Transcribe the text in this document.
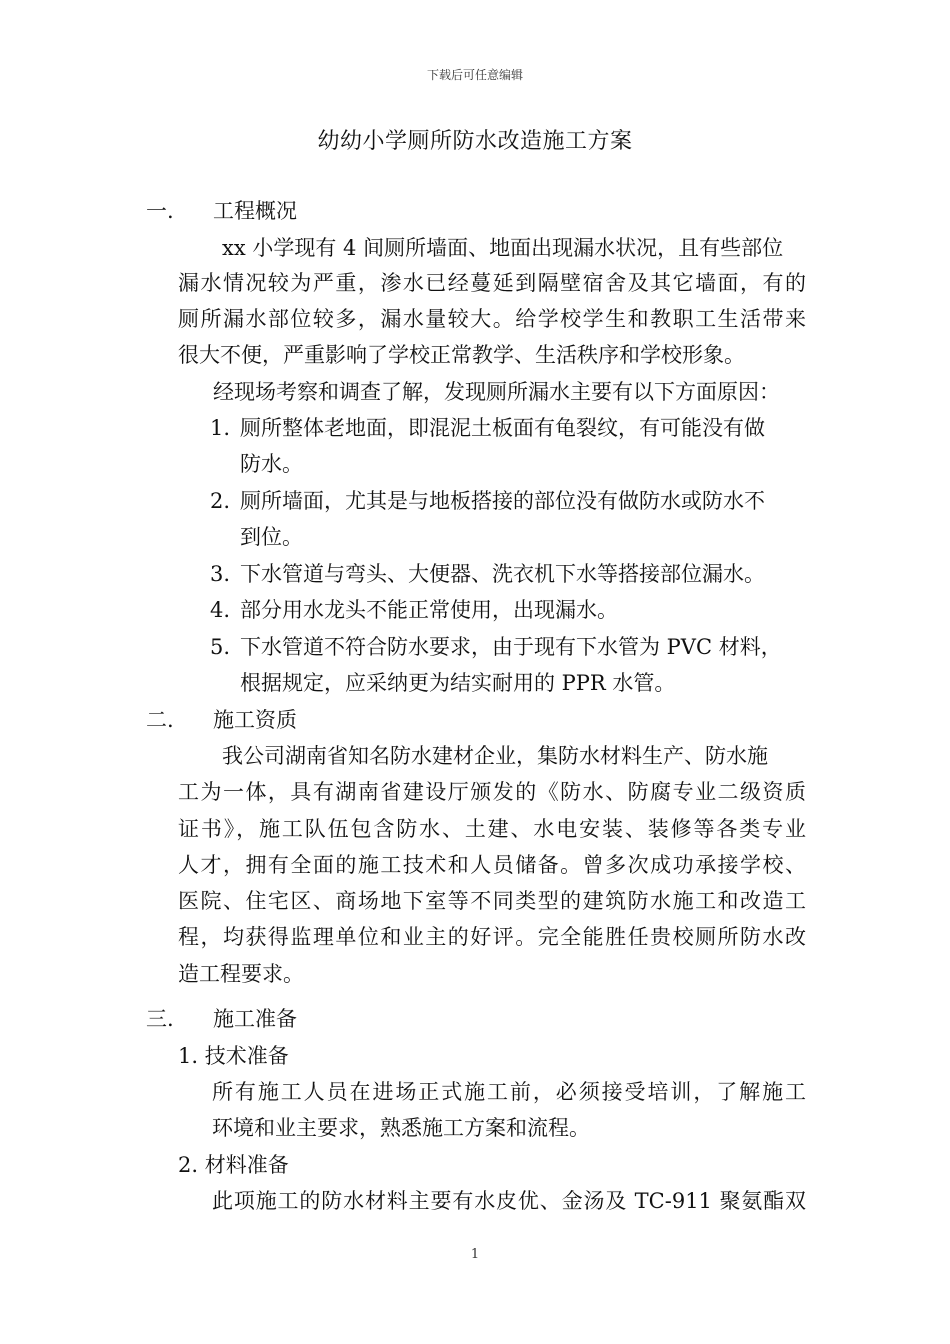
下载后可任意编辑
幼幼小学厕所防水改造施工方案
一. 工程概况
xx 小学现有 4 间厕所墙面、地面出现漏水状况，且有些部位
漏水情况较为严重，渗水已经蔓延到隔壁宿舍及其它墙面，有的
厕所漏水部位较多，漏水量较大。给学校学生和教职工生活带来
很大不便，严重影响了学校正常教学、生活秩序和学校形象。
经现场考察和调查了解，发现厕所漏水主要有以下方面原因：
1. 厕所整体老地面，即混泥土板面有龟裂纹，有可能没有做
防水。
2. 厕所墙面，尤其是与地板搭接的部位没有做防水或防水不
到位。
3. 下水管道与弯头、大便器、洗衣机下水等搭接部位漏水。
4. 部分用水龙头不能正常使用，出现漏水。
5. 下水管道不符合防水要求，由于现有下水管为 PVC 材料，
根据规定，应采纳更为结实耐用的 PPR 水管。
二. 施工资质
我公司湖南省知名防水建材企业，集防水材料生产、防水施
工为一体，具有湖南省建设厅颁发的《防水、防腐专业二级资质
证书》，施工队伍包含防水、土建、水电安装、装修等各类专业
人才，拥有全面的施工技术和人员储备。曾多次成功承接学校、
医院、住宅区、商场地下室等不同类型的建筑防水施工和改造工
程，均获得监理单位和业主的好评。完全能胜任贵校厕所防水改
造工程要求。
三. 施工准备
1. 技术准备
所有施工人员在进场正式施工前，必须接受培训，了解施工
环境和业主要求，熟悉施工方案和流程。
2. 材料准备
此项施工的防水材料主要有水皮优、金汤及 TC-911 聚氨酯双
1
